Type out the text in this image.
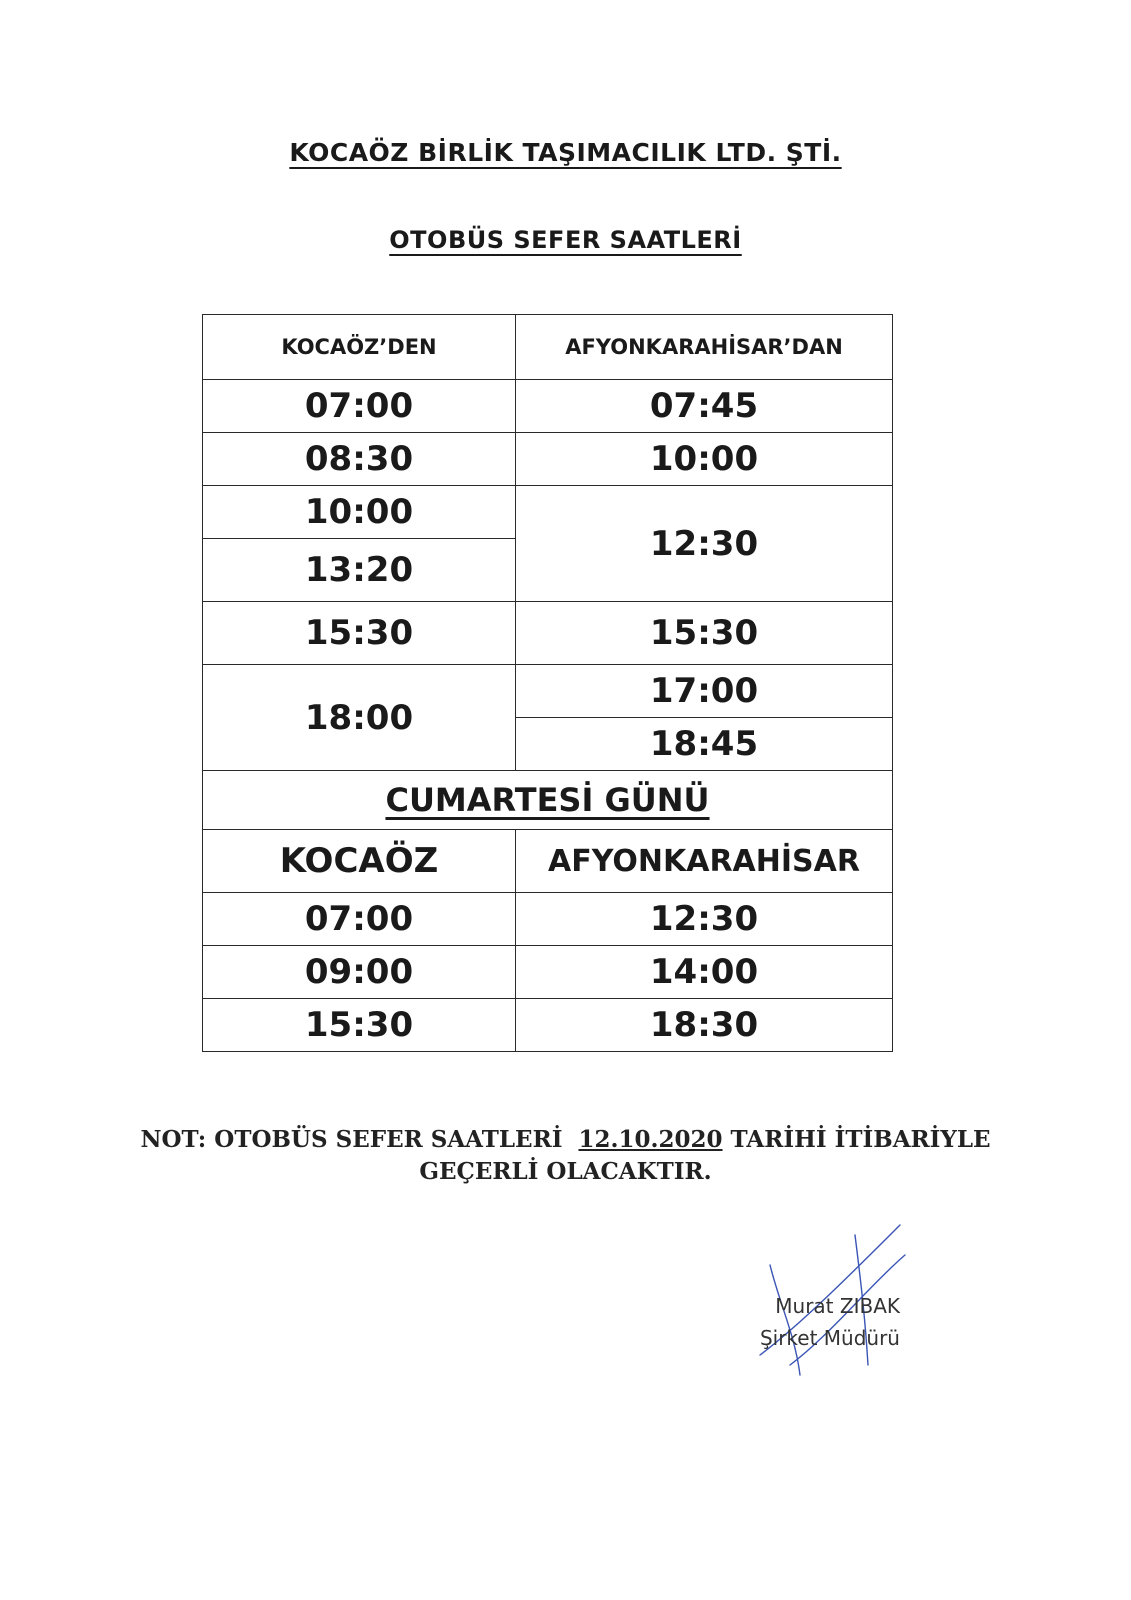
KOCAÖZ BİRLİK TAŞIMACILIK LTD. ŞTİ.
OTOBÜS SEFER SAATLERİ
KOCAÖZ’DEN	AFYONKARAHİSAR’DAN
07:00	07:45
08:30	10:00
10:00	12:30
13:20	
15:30	15:30
18:00	17:00
	18:45
CUMARTESİ GÜNÜ	
KOCAÖZ	AFYONKARAHİSAR
07:00	12:30
09:00	14:00
15:30	18:30
NOT: OTOBÜS SEFER SAATLERİ 12.10.2020 TARİHİ İTİBARİYLE
GEÇERLİ OLACAKTIR.
Murat ZIBAK
Şirket Müdürü
